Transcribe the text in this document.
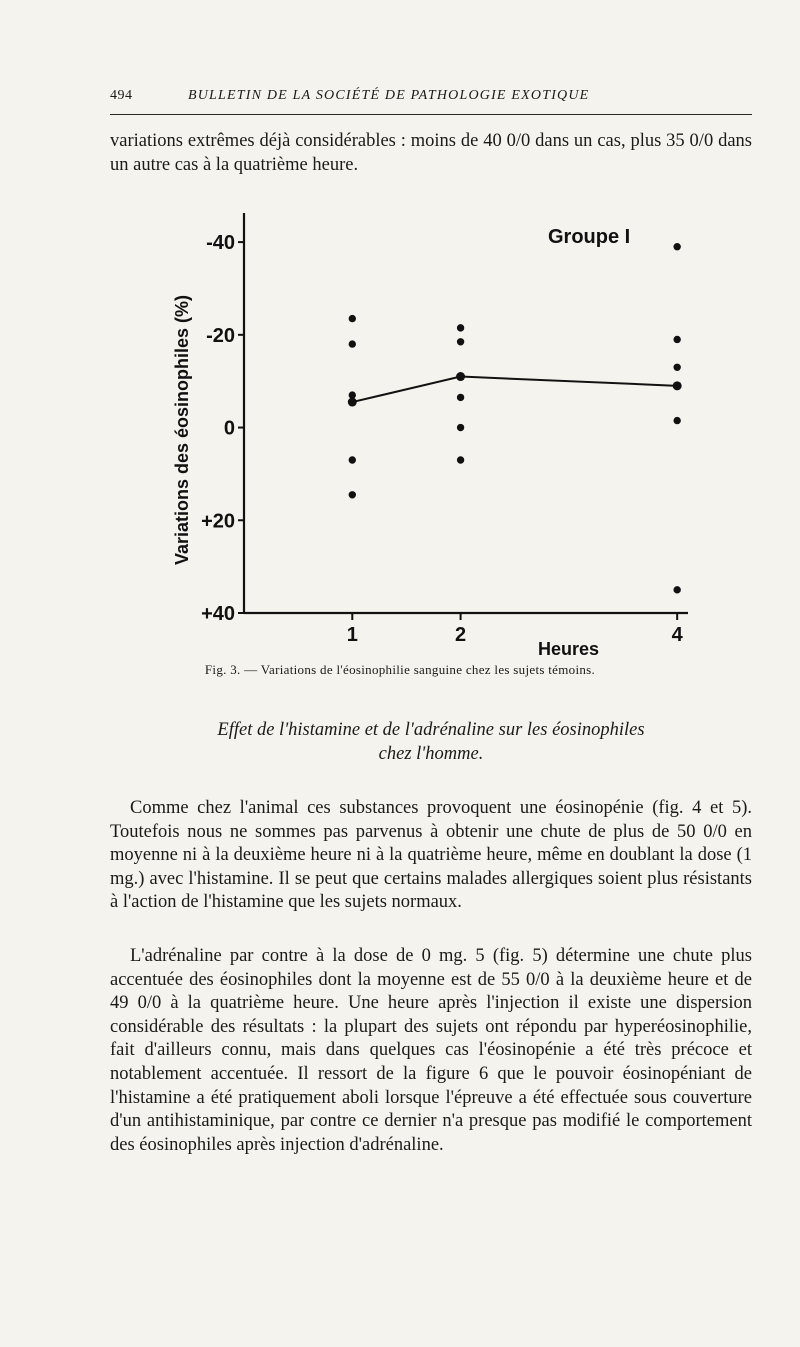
494	BULLETIN DE LA SOCIÉTÉ DE PATHOLOGIE EXOTIQUE

variations extrêmes déjà considérables : moins de 40 0/0 dans un cas, plus 35 0/0 dans un autre cas à la quatrième heure.

-40
-20
0
+20
+40
1	2	4
Groupe I
Heures
Variations des éosinophiles (%)
Fig. 3. — Variations de l'éosinophilie sanguine chez les sujets témoins.
Effet de l'histamine et de l'adrénaline sur les éosinophiles
chez l'homme.

Comme chez l'animal ces substances provoquent une éosinopénie (fig. 4 et 5). Toutefois nous ne sommes pas parvenus à obtenir une chute de plus de 50 0/0 en moyenne ni à la deuxième heure ni à la quatrième heure, même en doublant la dose (1 mg.) avec l'histamine. Il se peut que certains malades allergiques soient plus résistants à l'action de l'histamine que les sujets normaux.

L'adrénaline par contre à la dose de 0 mg. 5 (fig. 5) détermine une chute plus accentuée des éosinophiles dont la moyenne est de 55 0/0 à la deuxième heure et de 49 0/0 à la quatrième heure. Une heure après l'injection il existe une dispersion considérable des résultats : la plupart des sujets ont répondu par hyperéosinophilie, fait d'ailleurs connu, mais dans quelques cas l'éosinopénie a été très précoce et notablement accentuée. Il ressort de la figure 6 que le pouvoir éosinopéniant de l'histamine a été pratiquement aboli lorsque l'épreuve a été effectuée sous couverture d'un antihistaminique, par contre ce dernier n'a presque pas modifié le comportement des éosinophiles après injection d'adrénaline.
